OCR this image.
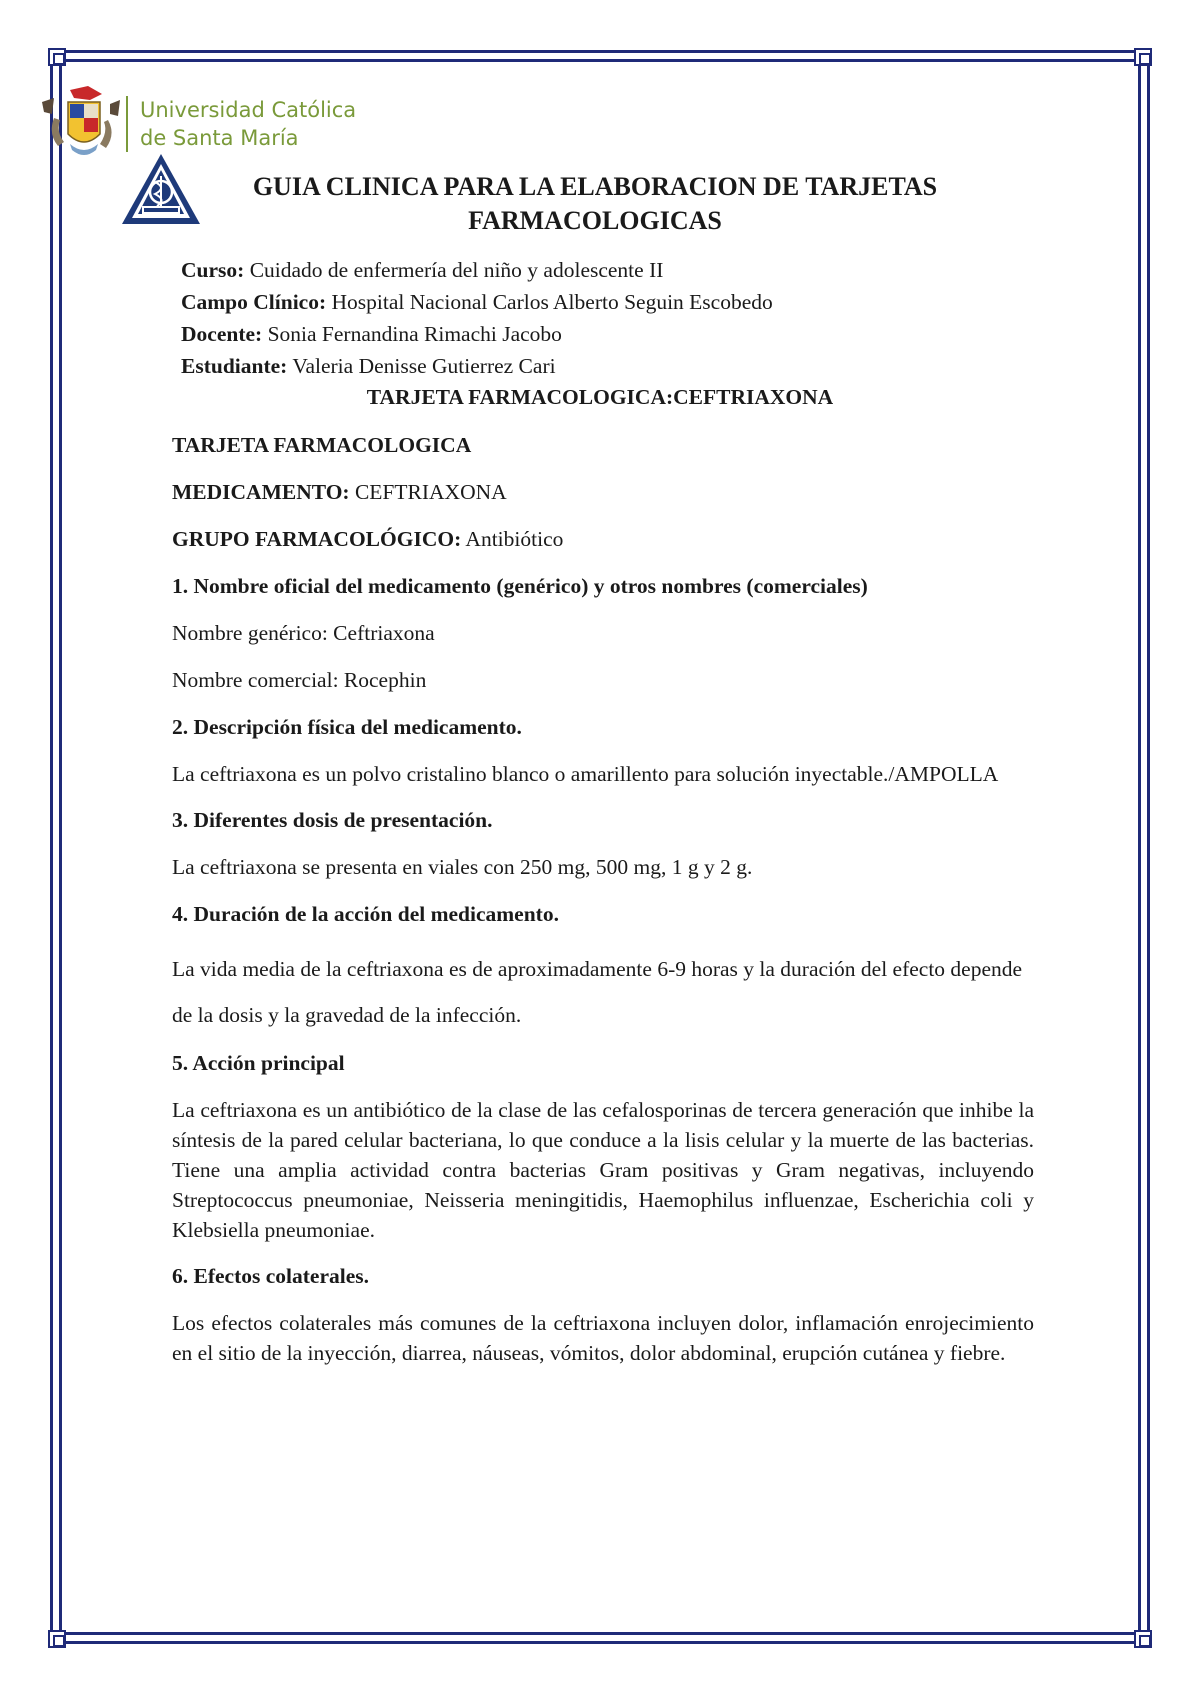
Universidad Católica
de Santa María
GUIA CLINICA PARA LA ELABORACION DE TARJETAS
FARMACOLOGICAS
Curso: Cuidado de enfermería del niño y adolescente II
Campo Clínico: Hospital Nacional Carlos Alberto Seguin Escobedo
Docente: Sonia Fernandina Rimachi Jacobo
Estudiante: Valeria Denisse Gutierrez Cari
TARJETA FARMACOLOGICA:CEFTRIAXONA

TARJETA FARMACOLOGICA

MEDICAMENTO: CEFTRIAXONA

GRUPO FARMACOLÓGICO: Antibiótico

1. Nombre oficial del medicamento (genérico) y otros nombres (comerciales)

Nombre genérico: Ceftriaxona

Nombre comercial: Rocephin

2. Descripción física del medicamento.

La ceftriaxona es un polvo cristalino blanco o amarillento para solución inyectable./AMPOLLA

3. Diferentes dosis de presentación.

La ceftriaxona se presenta en viales con 250 mg, 500 mg, 1 g y 2 g.

4. Duración de la acción del medicamento.

La vida media de la ceftriaxona es de aproximadamente 6-9 horas y la duración del efecto depende de la dosis y la gravedad de la infección.

5. Acción principal

La ceftriaxona es un antibiótico de la clase de las cefalosporinas de tercera generación que inhibe la síntesis de la pared celular bacteriana, lo que conduce a la lisis celular y la muerte de las bacterias. Tiene una amplia actividad contra bacterias Gram positivas y Gram negativas, incluyendo Streptococcus pneumoniae, Neisseria meningitidis, Haemophilus influenzae, Escherichia coli y Klebsiella pneumoniae.

6. Efectos colaterales.

Los efectos colaterales más comunes de la ceftriaxona incluyen dolor, inflamación enrojecimiento en el sitio de la inyección, diarrea, náuseas, vómitos, dolor abdominal, erupción cutánea y fiebre.
